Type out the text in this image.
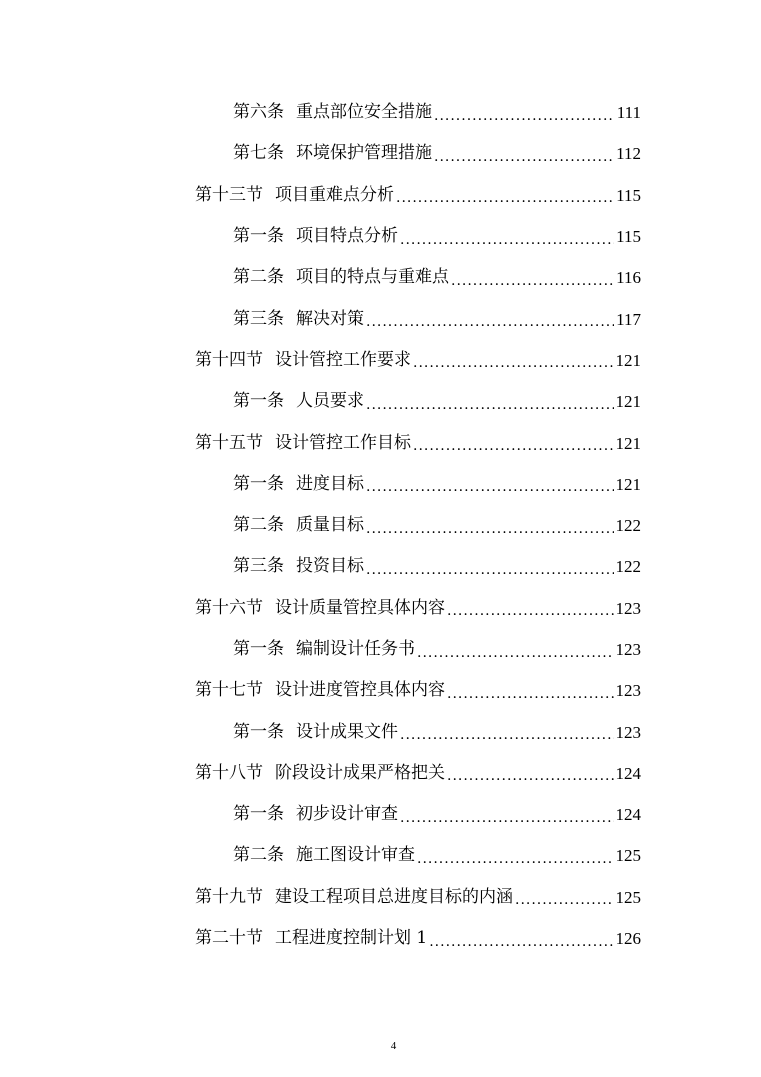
第六条 重点部位安全措施 .....	111
第七条 环境保护管理措施 .....	112
第十三节 项目重难点分析 .....	115
第一条 项目特点分析 .....	115
第二条 项目的特点与重难点 .....	116
第三条 解决对策 .....	117
第十四节 设计管控工作要求 .....	121
第一条 人员要求 .....	121
第十五节 设计管控工作目标 .....	121
第一条 进度目标 .....	121
第二条 质量目标 .....	122
第三条 投资目标 .....	122
第十六节 设计质量管控具体内容 .....	123
第一条 编制设计任务书 .....	123
第十七节 设计进度管控具体内容 .....	123
第一条 设计成果文件 .....	123
第十八节 阶段设计成果严格把关 .....	124
第一条 初步设计审查 .....	124
第二条 施工图设计审查 .....	125
第十九节 建设工程项目总进度目标的内涵 .....	125
第二十节 工程进度控制计划 1 .....	126
4
